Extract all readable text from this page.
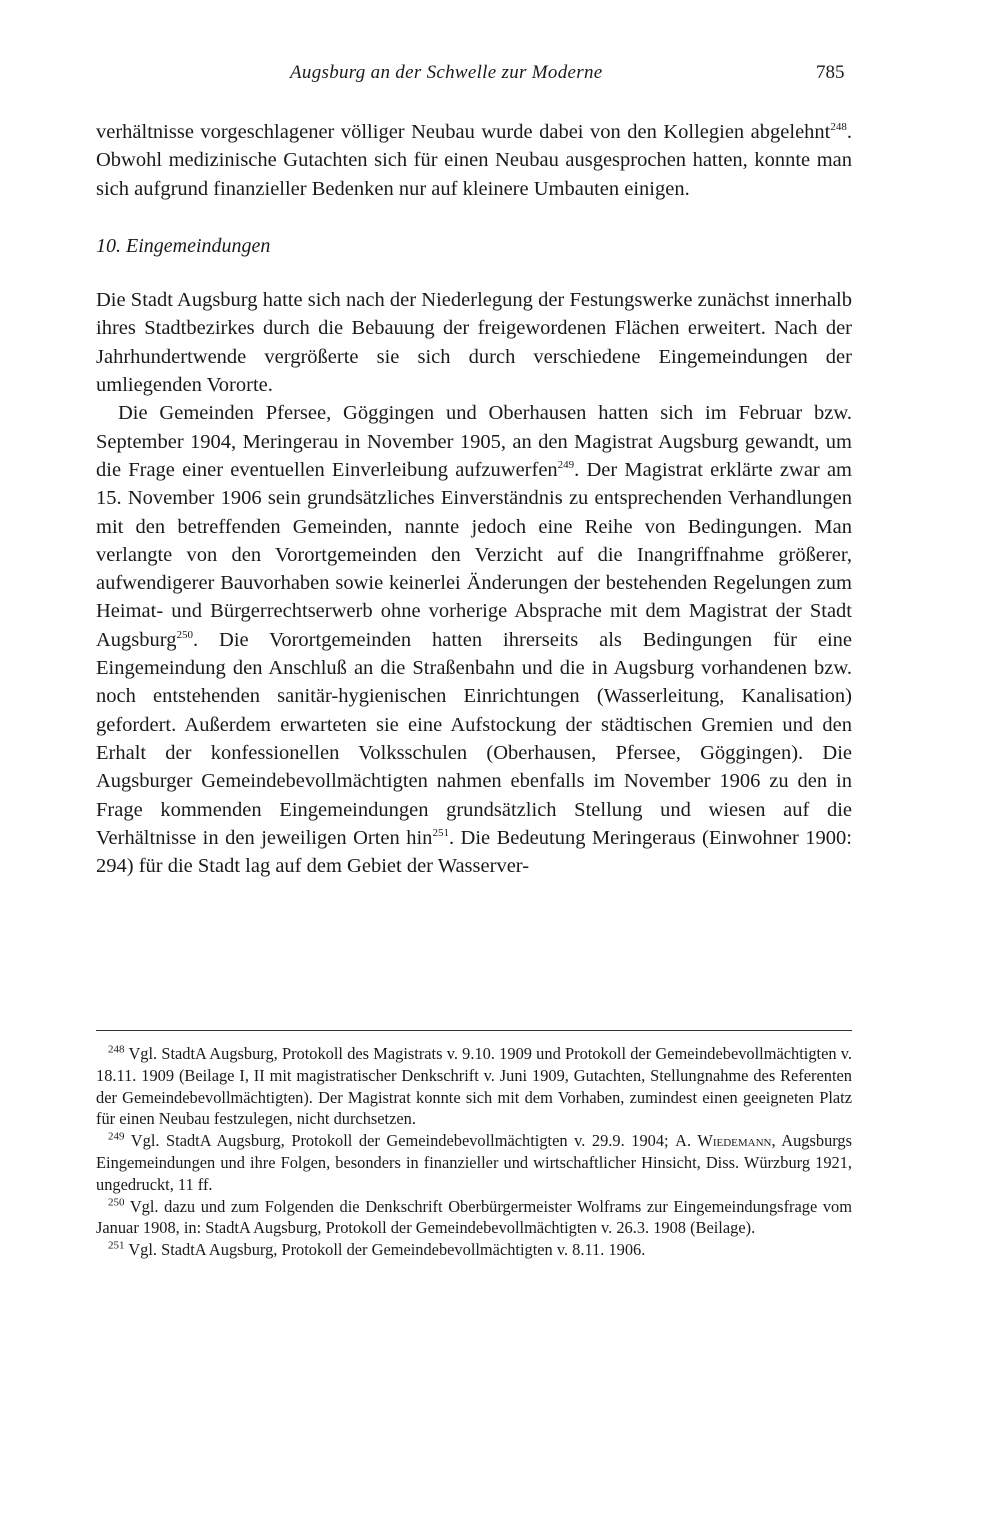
Augsburg an der Schwelle zur Moderne	785

verhältnisse vorgeschlagener völliger Neubau wurde dabei von den Kollegien abgelehnt$^{248}$. Obwohl medizinische Gutachten sich für einen Neubau ausgesprochen hatten, konnte man sich aufgrund finanzieller Bedenken nur auf kleinere Umbauten einigen.

10. Eingemeindungen

Die Stadt Augsburg hatte sich nach der Niederlegung der Festungswerke zunächst innerhalb ihres Stadtbezirkes durch die Bebauung der freigewordenen Flächen erweitert. Nach der Jahrhundertwende vergrößerte sie sich durch verschiedene Eingemeindungen der umliegenden Vororte.

Die Gemeinden Pfersee, Göggingen und Oberhausen hatten sich im Februar bzw. September 1904, Meringerau in November 1905, an den Magistrat Augsburg gewandt, um die Frage einer eventuellen Einverleibung aufzuwerfen$^{249}$. Der Magistrat erklärte zwar am 15. November 1906 sein grundsätzliches Einverständnis zu entsprechenden Verhandlungen mit den betreffenden Gemeinden, nannte jedoch eine Reihe von Bedingungen. Man verlangte von den Vorortgemeinden den Verzicht auf die Inangriffnahme größerer, aufwendigerer Bauvorhaben sowie keinerlei Änderungen der bestehenden Regelungen zum Heimat- und Bürgerrechtserwerb ohne vorherige Absprache mit dem Magistrat der Stadt Augsburg$^{250}$. Die Vorortgemeinden hatten ihrerseits als Bedingungen für eine Eingemeindung den Anschluß an die Straßenbahn und die in Augsburg vorhandenen bzw. noch entstehenden sanitär-hygienischen Einrichtungen (Wasserleitung, Kanalisation) gefordert. Außerdem erwarteten sie eine Aufstockung der städtischen Gremien und den Erhalt der konfessionellen Volksschulen (Oberhausen, Pfersee, Göggingen). Die Augsburger Gemeindebevollmächtigten nahmen ebenfalls im November 1906 zu den in Frage kommenden Eingemeindungen grundsätzlich Stellung und wiesen auf die Verhältnisse in den jeweiligen Orten hin$^{251}$. Die Bedeutung Meringeraus (Einwohner 1900: 294) für die Stadt lag auf dem Gebiet der Wasserver-

$^{248}$ Vgl. StadtA Augsburg, Protokoll des Magistrats v. 9.10. 1909 und Protokoll der Gemeindebevollmächtigten v. 18.11. 1909 (Beilage I, II mit magistratischer Denkschrift v. Juni 1909, Gutachten, Stellungnahme des Referenten der Gemeindebevollmächtigten). Der Magistrat konnte sich mit dem Vorhaben, zumindest einen geeigneten Platz für einen Neubau festzulegen, nicht durchsetzen.

$^{249}$ Vgl. StadtA Augsburg, Protokoll der Gemeindebevollmächtigten v. 29.9. 1904; A. Wiedemann, Augsburgs Eingemeindungen und ihre Folgen, besonders in finanzieller und wirtschaftlicher Hinsicht, Diss. Würzburg 1921, ungedruckt, 11 ff.

$^{250}$ Vgl. dazu und zum Folgenden die Denkschrift Oberbürgermeister Wolframs zur Eingemeindungsfrage vom Januar 1908, in: StadtA Augsburg, Protokoll der Gemeindebevollmächtigten v. 26.3. 1908 (Beilage).

$^{251}$ Vgl. StadtA Augsburg, Protokoll der Gemeindebevollmächtigten v. 8.11. 1906.
